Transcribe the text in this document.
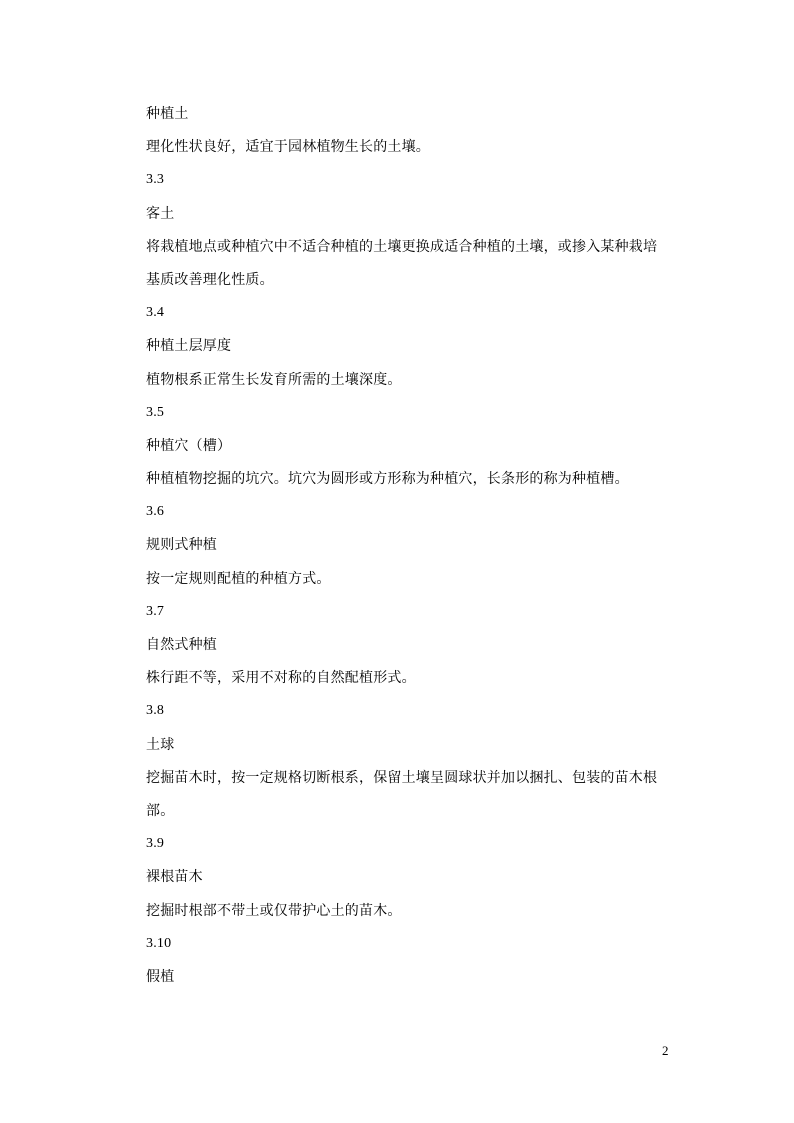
种植土
理化性状良好，适宜于园林植物生长的土壤。
3.3
客土
将栽植地点或种植穴中不适合种植的土壤更换成适合种植的土壤，或掺入某种栽培
基质改善理化性质。
3.4
种植土层厚度
植物根系正常生长发育所需的土壤深度。
3.5
种植穴（槽）
种植植物挖掘的坑穴。坑穴为圆形或方形称为种植穴，长条形的称为种植槽。
3.6
规则式种植
按一定规则配植的种植方式。
3.7
自然式种植
株行距不等，采用不对称的自然配植形式。
3.8
土球
挖掘苗木时，按一定规格切断根系，保留土壤呈圆球状并加以捆扎、包装的苗木根
部。
3.9
裸根苗木
挖掘时根部不带土或仅带护心土的苗木。
3.10
假植
2
